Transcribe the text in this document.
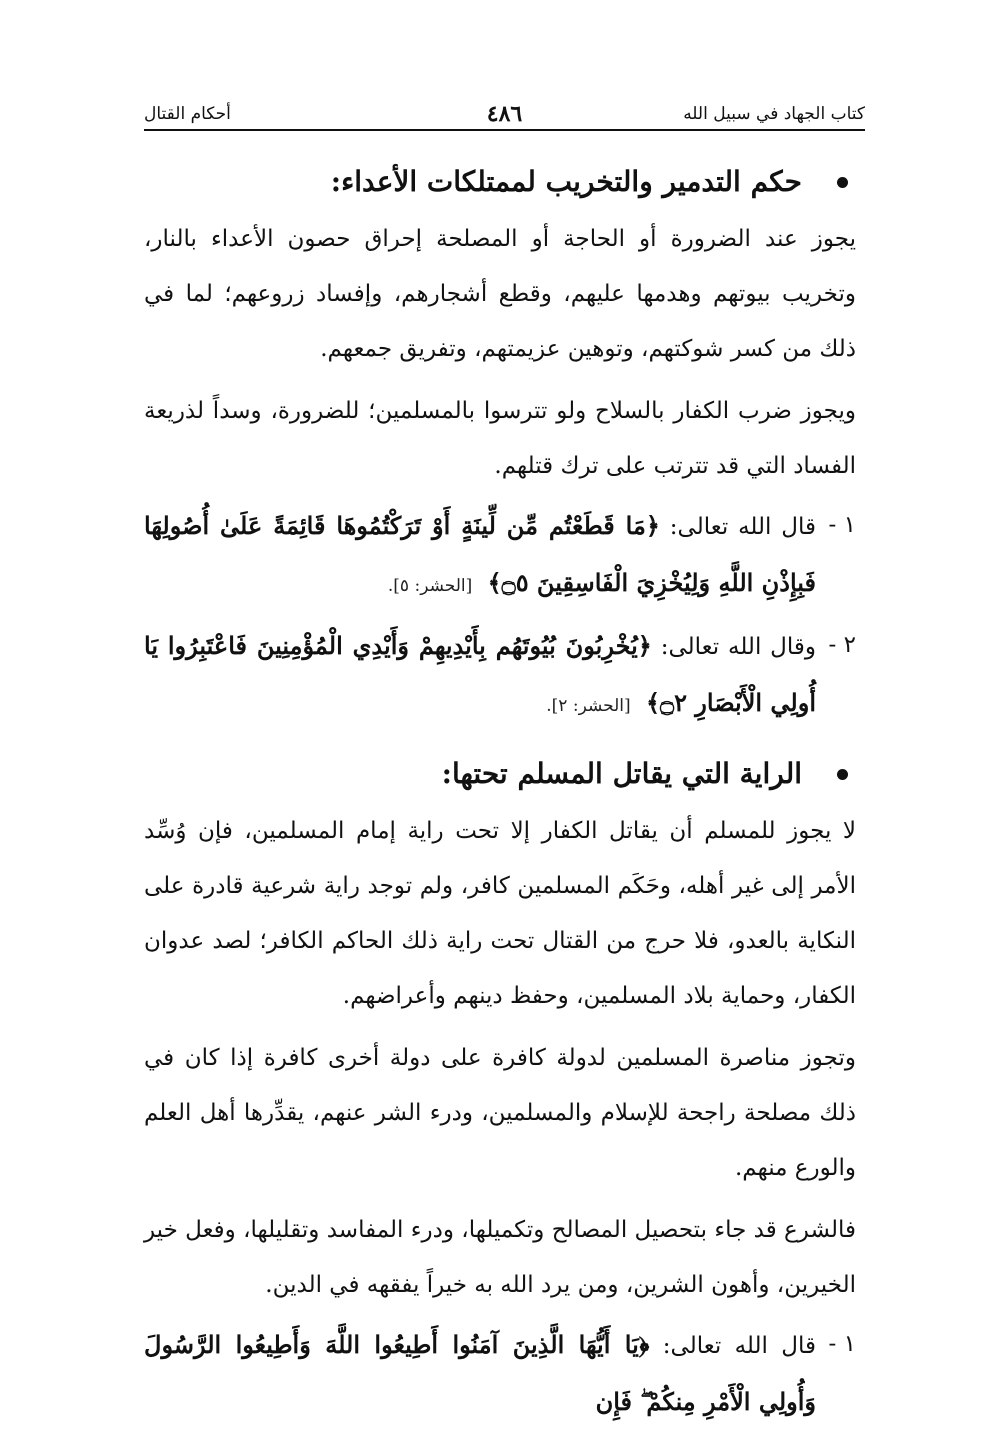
كتاب الجهاد في سبيل الله
٤٨٦
أحكام القتال
حكم التدمير والتخريب لممتلكات الأعداء:

يجوز عند الضرورة أو الحاجة أو المصلحة إحراق حصون الأعداء بالنار، وتخريب بيوتهم وهدمها عليهم، وقطع أشجارهم، وإفساد زروعهم؛ لما في ذلك من كسر شوكتهم، وتوهين عزيمتهم، وتفريق جمعهم.

ويجوز ضرب الكفار بالسلاح ولو تترسوا بالمسلمين؛ للضرورة، وسداً لذريعة الفساد التي قد تترتب على ترك قتلهم.

١ -
قال الله تعالى: ﴿مَا قَطَعْتُم مِّن لِّينَةٍ أَوْ تَرَكْتُمُوهَا قَائِمَةً عَلَىٰ أُصُولِهَا فَبِإِذْنِ اللَّهِ وَلِيُخْزِيَ الْفَاسِقِينَ ۝٥﴾ [الحشر: ٥].
٢ -
وقال الله تعالى: ﴿يُخْرِبُونَ بُيُوتَهُم بِأَيْدِيهِمْ وَأَيْدِي الْمُؤْمِنِينَ فَاعْتَبِرُوا يَا أُولِي الْأَبْصَارِ ۝٢﴾ [الحشر: ٢].
الراية التي يقاتل المسلم تحتها:

لا يجوز للمسلم أن يقاتل الكفار إلا تحت راية إمام المسلمين، فإن وُسِّد الأمر إلى غير أهله، وحَكَم المسلمين كافر، ولم توجد راية شرعية قادرة على النكاية بالعدو، فلا حرج من القتال تحت راية ذلك الحاكم الكافر؛ لصد عدوان الكفار، وحماية بلاد المسلمين، وحفظ دينهم وأعراضهم.

وتجوز مناصرة المسلمين لدولة كافرة على دولة أخرى كافرة إذا كان في ذلك مصلحة راجحة للإسلام والمسلمين، ودرء الشر عنهم، يقدِّرها أهل العلم والورع منهم.

فالشرع قد جاء بتحصيل المصالح وتكميلها، ودرء المفاسد وتقليلها، وفعل خير الخيرين، وأهون الشرين، ومن يرد الله به خيراً يفقهه في الدين.

١ -
قال الله تعالى: ﴿يَا أَيُّهَا الَّذِينَ آمَنُوا أَطِيعُوا اللَّهَ وَأَطِيعُوا الرَّسُولَ وَأُولِي الْأَمْرِ مِنكُمْ ۖ فَإِن
